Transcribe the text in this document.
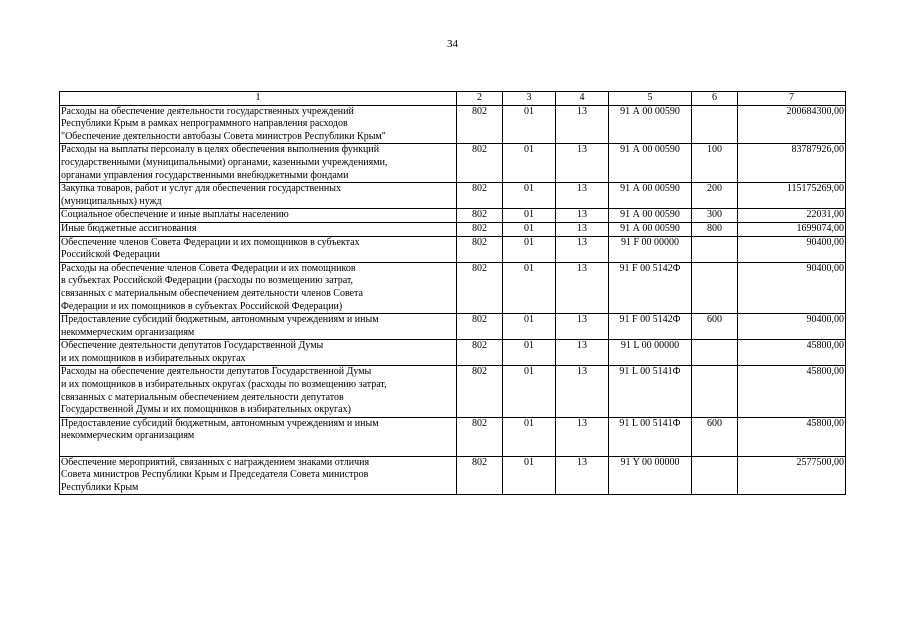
34
1	2	3	4	5	6	7

Расходы на обеспечение деятельности государственных учреждений
Республики Крым в рамках непрограммного направления расходов
"Обеспечение деятельности автобазы Совета министров Республики Крым"	802	01	13	91 А 00 00590		200684300,00

Расходы на выплаты персоналу в целях обеспечения выполнения функций
государственными (муниципальными) органами, казенными учреждениями,
органами управления государственными внебюджетными фондами	802	01	13	91 А 00 00590	100	83787926,00

Закупка товаров, работ и услуг для обеспечения государственных
(муниципальных) нужд	802	01	13	91 А 00 00590	200	115175269,00

Социальное обеспечение и иные выплаты населению	802	01	13	91 А 00 00590	300	22031,00

Иные бюджетные ассигнования	802	01	13	91 А 00 00590	800	1699074,00

Обеспечение членов Совета Федерации и их помощников в субъектах
Российской Федерации	802	01	13	91 F 00 00000		90400,00

Расходы на обеспечение членов Совета Федерации и их помощников
в субъектах Российской Федерации (расходы по возмещению затрат,
связанных с материальным обеспечением деятельности членов Совета
Федерации и их помощников в субъектах Российской Федерации)	802	01	13	91 F 00 5142Ф		90400,00

Предоставление субсидий бюджетным, автономным учреждениям и иным
некоммерческим организациям	802	01	13	91 F 00 5142Ф	600	90400,00

Обеспечение деятельности депутатов Государственной Думы
и их помощников в избирательных округах	802	01	13	91 L 00 00000		45800,00

Расходы на обеспечение деятельности депутатов Государственной Думы
и их помощников в избирательных округах (расходы по возмещению затрат,
связанных с материальным обеспечением деятельности депутатов
Государственной Думы и их помощников в избирательных округах)	802	01	13	91 L 00 5141Ф		45800,00

Предоставление субсидий бюджетным, автономным учреждениям и иным
некоммерческим организациям	802	01	13	91 L 00 5141Ф	600	45800,00

Обеспечение мероприятий, связанных с награждением знаками отличия
Совета министров Республики Крым и Председателя Совета министров
Республики Крым	802	01	13	91 Y 00 00000		2577500,00
